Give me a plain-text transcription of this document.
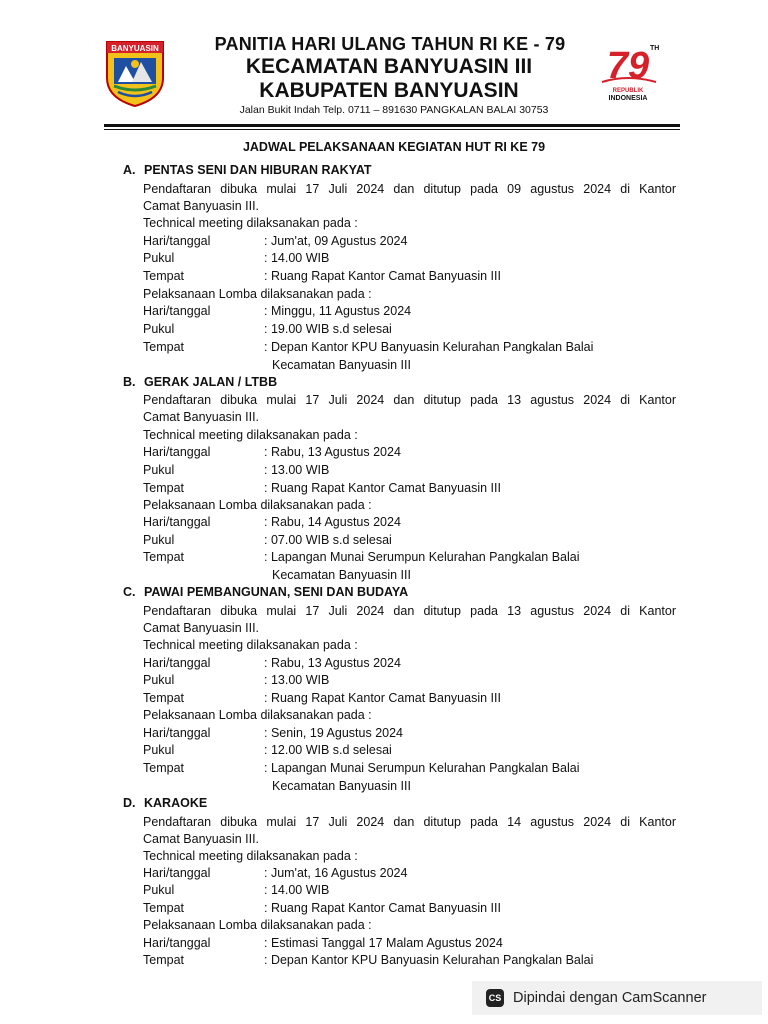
BANYUASIN	PANITIA HARI ULANG TAHUN RI KE - 79
KECAMATAN BANYUASIN III
KABUPATEN BANYUASIN
Jalan Bukit Indah Telp. 0711 – 891630 PANGKALAN BALAI 30753
79 TH
REPUBLIK
INDONESIA
JADWAL PELAKSANAAN KEGIATAN HUT RI KE 79
A. PENTAS SENI DAN HIBURAN RAKYAT
Pendaftaran dibuka mulai 17 Juli 2024 dan ditutup pada 09 agustus 2024 di Kantor
Camat Banyuasin III.
Technical meeting dilaksanakan pada :
Hari/tanggal	: Jum'at, 09 Agustus 2024
Pukul	: 14.00 WIB
Tempat	: Ruang Rapat Kantor Camat Banyuasin III
Pelaksanaan Lomba dilaksanakan pada :
Hari/tanggal	: Minggu, 11 Agustus 2024
Pukul	: 19.00 WIB s.d selesai
Tempat	: Depan Kantor KPU Banyuasin Kelurahan Pangkalan Balai
Kecamatan Banyuasin III
B. GERAK JALAN / LTBB
Pendaftaran dibuka mulai 17 Juli 2024 dan ditutup pada 13 agustus 2024 di Kantor
Camat Banyuasin III.
Technical meeting dilaksanakan pada :
Hari/tanggal	: Rabu, 13 Agustus 2024
Pukul	: 13.00 WIB
Tempat	: Ruang Rapat Kantor Camat Banyuasin III
Pelaksanaan Lomba dilaksanakan pada :
Hari/tanggal	: Rabu, 14 Agustus 2024
Pukul	: 07.00 WIB s.d selesai
Tempat	: Lapangan Munai Serumpun Kelurahan Pangkalan Balai
Kecamatan Banyuasin III
C. PAWAI PEMBANGUNAN, SENI DAN BUDAYA
Pendaftaran dibuka mulai 17 Juli 2024 dan ditutup pada 13 agustus 2024 di Kantor
Camat Banyuasin III.
Technical meeting dilaksanakan pada :
Hari/tanggal	: Rabu, 13 Agustus 2024
Pukul	: 13.00 WIB
Tempat	: Ruang Rapat Kantor Camat Banyuasin III
Pelaksanaan Lomba dilaksanakan pada :
Hari/tanggal	: Senin, 19 Agustus 2024
Pukul	: 12.00 WIB s.d selesai
Tempat	: Lapangan Munai Serumpun Kelurahan Pangkalan Balai
Kecamatan Banyuasin III
D. KARAOKE
Pendaftaran dibuka mulai 17 Juli 2024 dan ditutup pada 14 agustus 2024 di Kantor
Camat Banyuasin III.
Technical meeting dilaksanakan pada :
Hari/tanggal	: Jum'at, 16 Agustus 2024
Pukul	: 14.00 WIB
Tempat	: Ruang Rapat Kantor Camat Banyuasin III
Pelaksanaan Lomba dilaksanakan pada :
Hari/tanggal	: Estimasi Tanggal 17 Malam Agustus 2024
Tempat	: Depan Kantor KPU Banyuasin Kelurahan Pangkalan Balai
CS Dipindai dengan CamScanner
